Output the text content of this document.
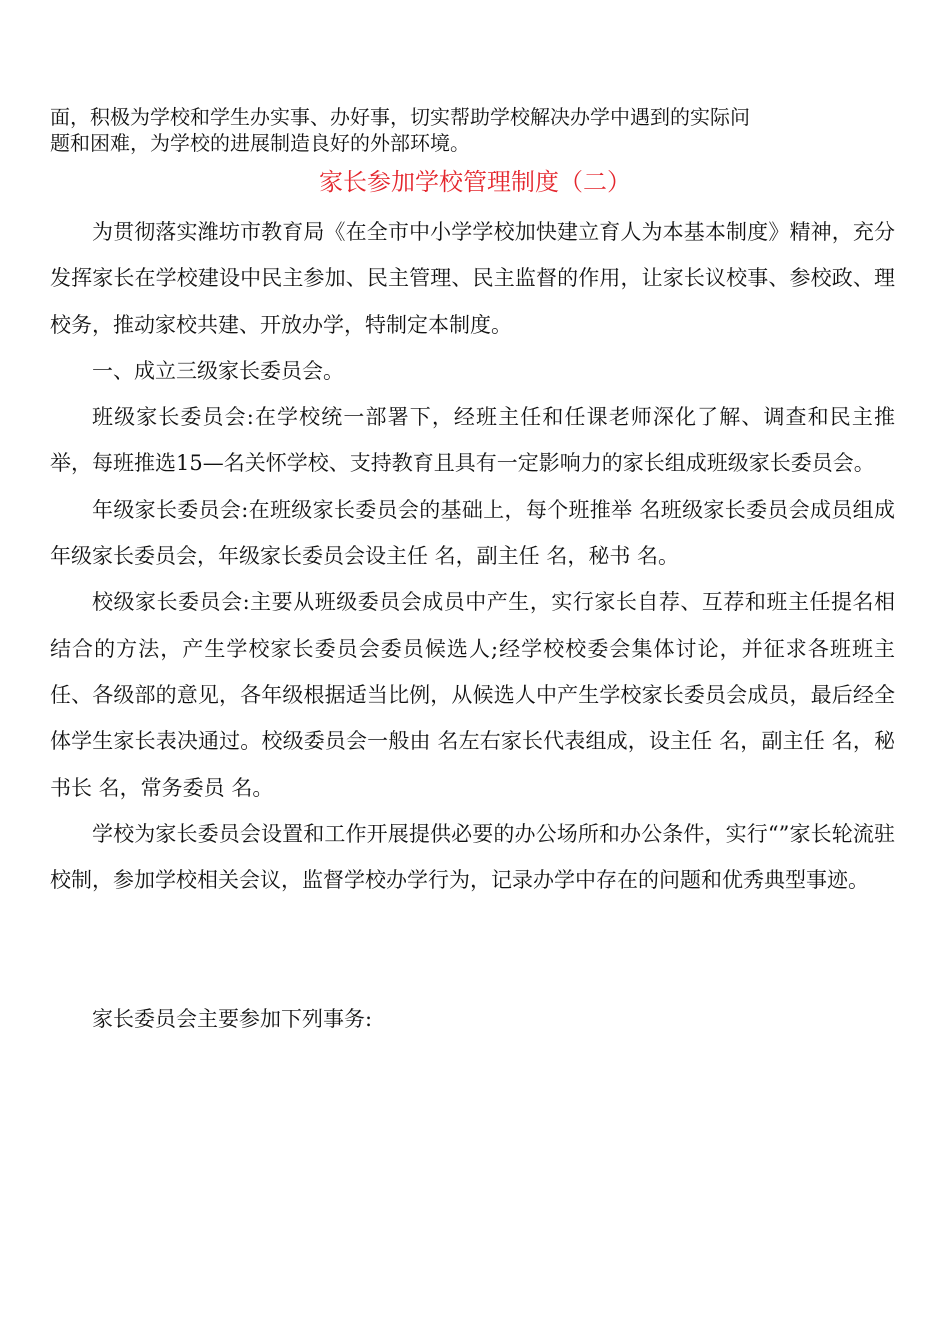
面，积极为学校和学生办实事、办好事，切实帮助学校解决办学中遇到的实际问

题和困难，为学校的进展制造良好的外部环境。

家长参加学校管理制度（二）

为贯彻落实潍坊市教育局《在全市中小学学校加快建立育人为本基本制度》精神，充分发挥家长在学校建设中民主参加、民主管理、民主监督的作用，让家长议校事、参校政、理校务，推动家校共建、开放办学，特制定本制度。

一、成立三级家长委员会。

班级家长委员会:在学校统一部署下，经班主任和任课老师深化了解、调查和民主推举，每班推选15—名关怀学校、支持教育且具有一定影响力的家长组成班级家长委员会。

年级家长委员会:在班级家长委员会的基础上，每个班推举 名班级家长委员会成员组成年级家长委员会，年级家长委员会设主任 名，副主任 名，秘书 名。

校级家长委员会:主要从班级委员会成员中产生，实行家长自荐、互荐和班主任提名相结合的方法，产生学校家长委员会委员候选人;经学校校委会集体讨论，并征求各班班主任、各级部的意见，各年级根据适当比例，从候选人中产生学校家长委员会成员，最后经全体学生家长表决通过。校级委员会一般由 名左右家长代表组成，设主任 名，副主任 名，秘书长 名，常务委员 名。

学校为家长委员会设置和工作开展提供必要的办公场所和办公条件，实行“”家长轮流驻校制，参加学校相关会议，监督学校办学行为，记录办学中存在的问题和优秀典型事迹。

家长委员会主要参加下列事务:
